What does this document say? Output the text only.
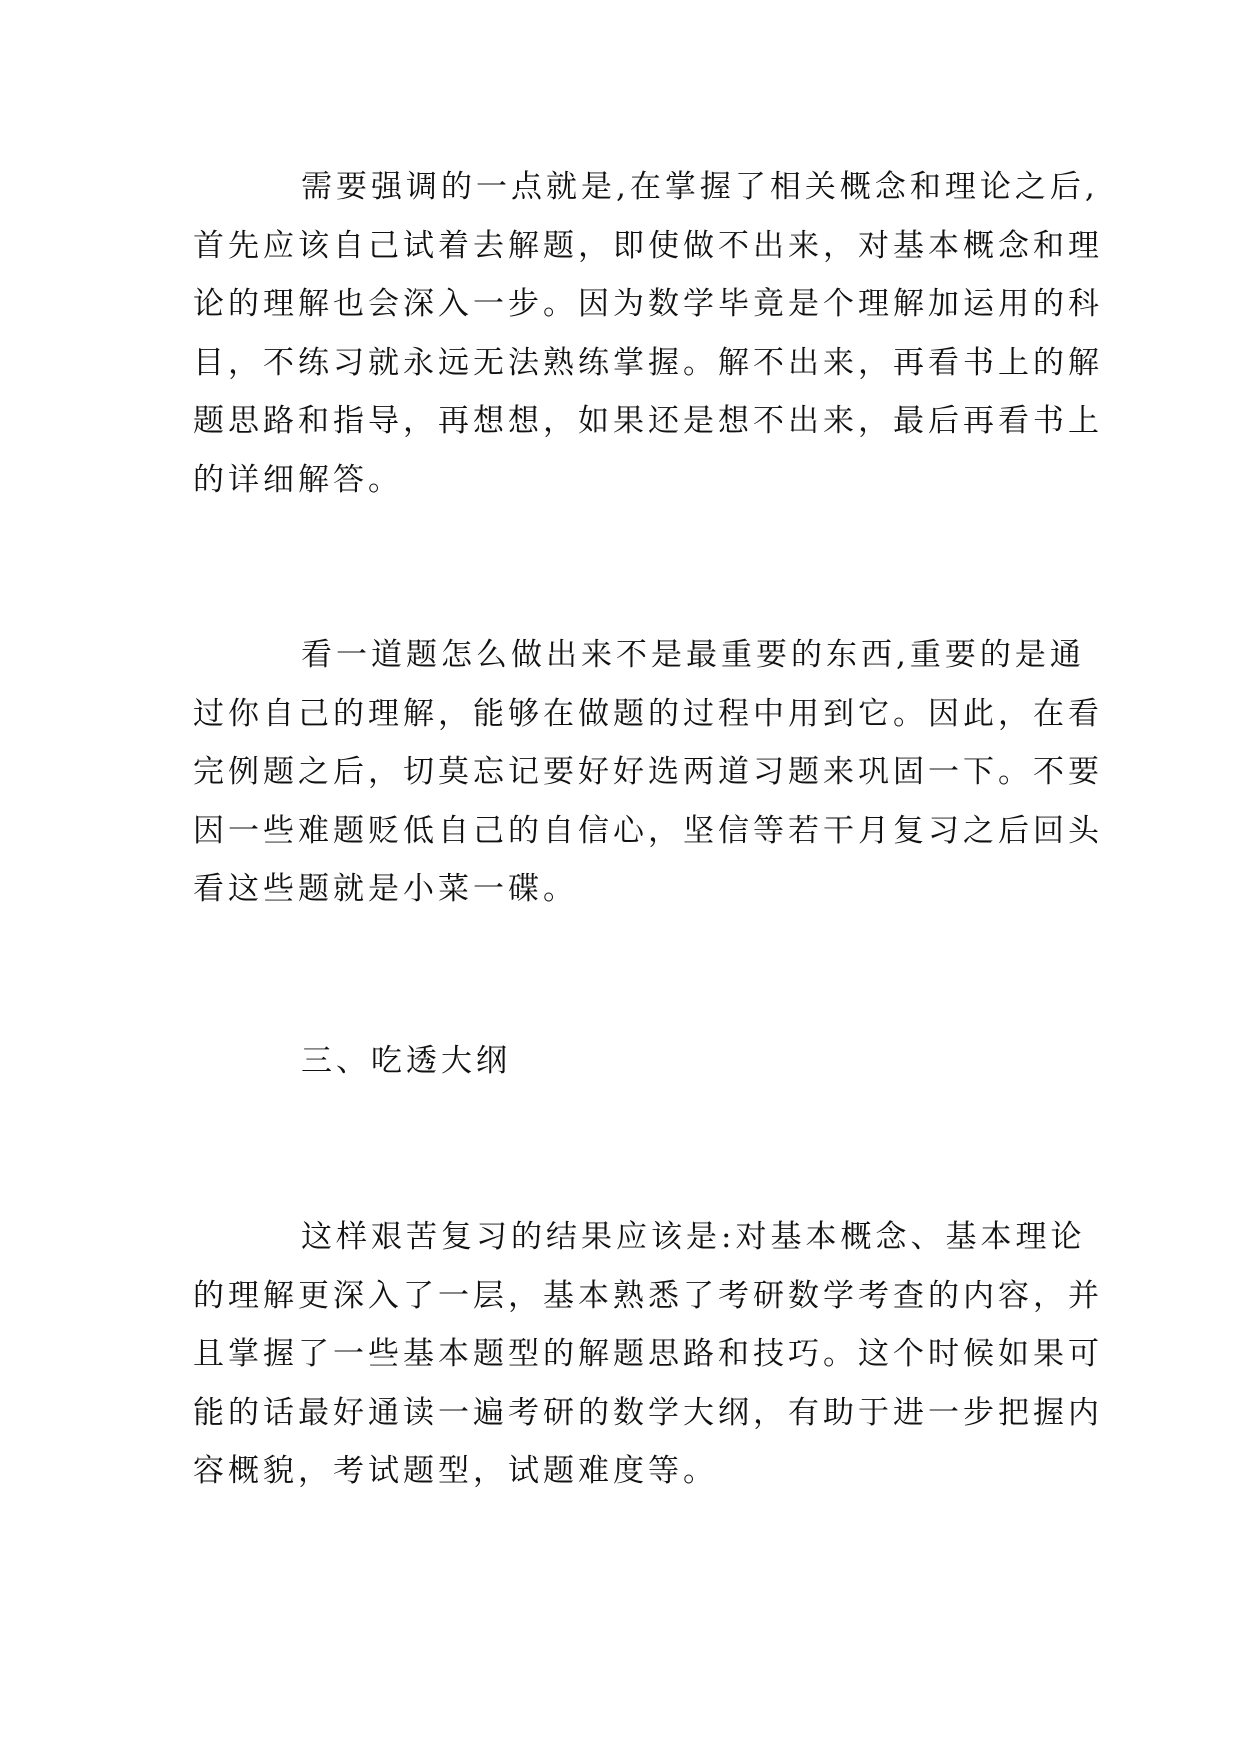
需要强调的一点就是,在掌握了相关概念和理论之后,
首先应该自己试着去解题，即使做不出来，对基本概念和理
论的理解也会深入一步。因为数学毕竟是个理解加运用的科
目，不练习就永远无法熟练掌握。解不出来，再看书上的解
题思路和指导，再想想，如果还是想不出来，最后再看书上
的详细解答。
看一道题怎么做出来不是最重要的东西,重要的是通
过你自己的理解，能够在做题的过程中用到它。因此，在看
完例题之后，切莫忘记要好好选两道习题来巩固一下。不要
因一些难题贬低自己的自信心，坚信等若干月复习之后回头
看这些题就是小菜一碟。
三、吃透大纲
这样艰苦复习的结果应该是:对基本概念、基本理论
的理解更深入了一层，基本熟悉了考研数学考查的内容，并
且掌握了一些基本题型的解题思路和技巧。这个时候如果可
能的话最好通读一遍考研的数学大纲，有助于进一步把握内
容概貌，考试题型，试题难度等。
